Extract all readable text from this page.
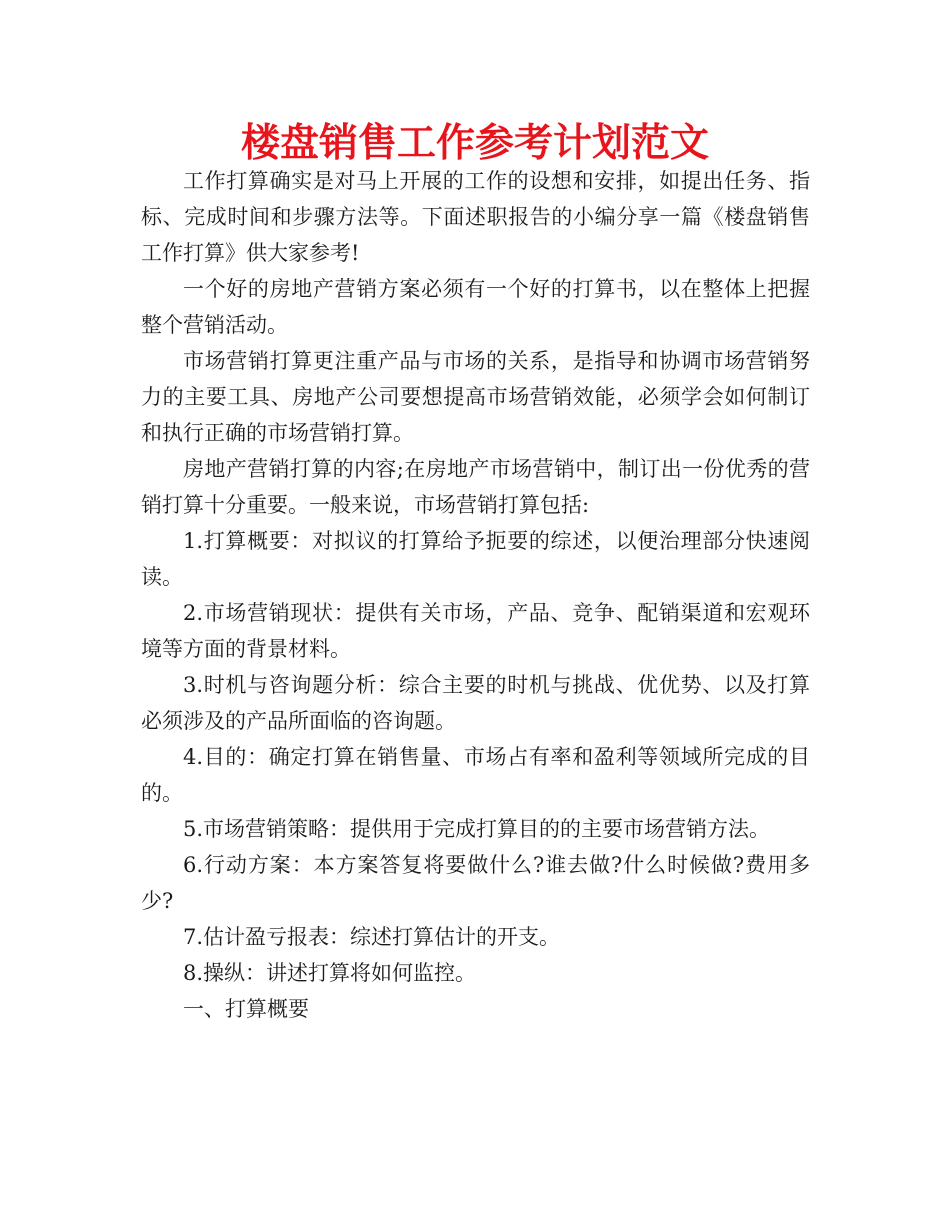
楼盘销售工作参考计划范文

工作打算确实是对马上开展的工作的设想和安排，如提出任务、指标、完成时间和步骤方法等。下面述职报告的小编分享一篇《楼盘销售工作打算》供大家参考!

一个好的房地产营销方案必须有一个好的打算书，以在整体上把握整个营销活动。

市场营销打算更注重产品与市场的关系，是指导和协调市场营销努力的主要工具、房地产公司要想提高市场营销效能，必须学会如何制订和执行正确的市场营销打算。

房地产营销打算的内容;在房地产市场营销中，制订出一份优秀的营销打算十分重要。一般来说，市场营销打算包括:

1.打算概要：对拟议的打算给予扼要的综述，以便治理部分快速阅读。

2.市场营销现状：提供有关市场，产品、竞争、配销渠道和宏观环境等方面的背景材料。

3.时机与咨询题分析：综合主要的时机与挑战、优优势、以及打算必须涉及的产品所面临的咨询题。

4.目的：确定打算在销售量、市场占有率和盈利等领域所完成的目的。

5.市场营销策略：提供用于完成打算目的的主要市场营销方法。

6.行动方案：本方案答复将要做什么?谁去做?什么时候做?费用多少?

7.估计盈亏报表：综述打算估计的开支。

8.操纵：讲述打算将如何监控。

一、打算概要
